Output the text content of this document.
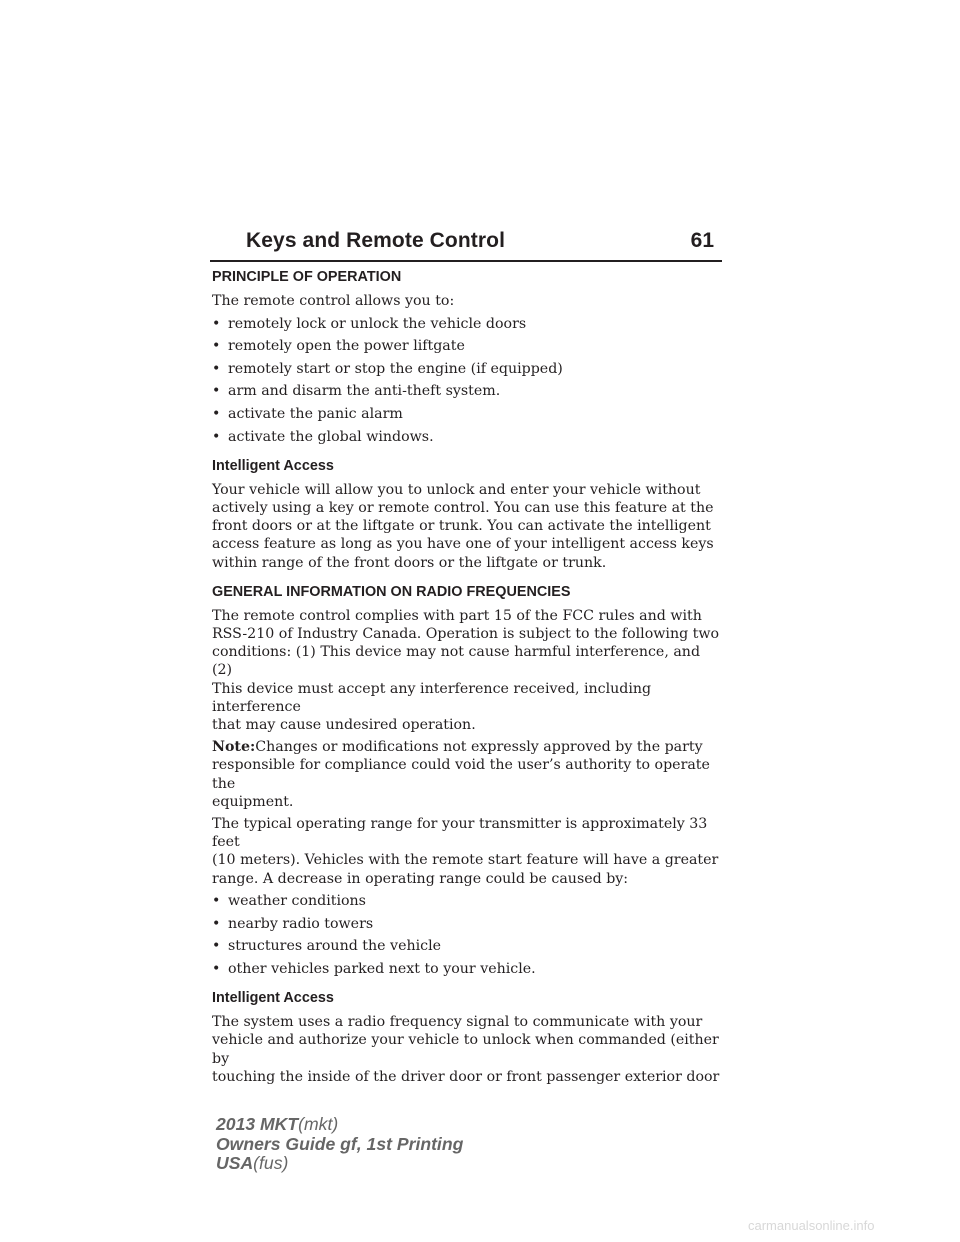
Keys and Remote Control	61
PRINCIPLE OF OPERATION

The remote control allows you to:

• remotely lock or unlock the vehicle doors
• remotely open the power liftgate
• remotely start or stop the engine (if equipped)
• arm and disarm the anti-theft system.
• activate the panic alarm
• activate the global windows.
Intelligent Access

Your vehicle will allow you to unlock and enter your vehicle without
actively using a key or remote control. You can use this feature at the
front doors or at the liftgate or trunk. You can activate the intelligent
access feature as long as you have one of your intelligent access keys
within range of the front doors or the liftgate or trunk.

GENERAL INFORMATION ON RADIO FREQUENCIES

The remote control complies with part 15 of the FCC rules and with
RSS-210 of Industry Canada. Operation is subject to the following two
conditions: (1) This device may not cause harmful interference, and (2)
This device must accept any interference received, including interference
that may cause undesired operation.

Note:Changes or modifications not expressly approved by the party
responsible for compliance could void the user’s authority to operate the
equipment.

The typical operating range for your transmitter is approximately 33 feet
(10 meters). Vehicles with the remote start feature will have a greater
range. A decrease in operating range could be caused by:

• weather conditions
• nearby radio towers
• structures around the vehicle
• other vehicles parked next to your vehicle.
Intelligent Access

The system uses a radio frequency signal to communicate with your
vehicle and authorize your vehicle to unlock when commanded (either by
touching the inside of the driver door or front passenger exterior door

2013 MKT(mkt)
Owners Guide gf, 1st Printing
USA(fus)
carmanualsonline.info
